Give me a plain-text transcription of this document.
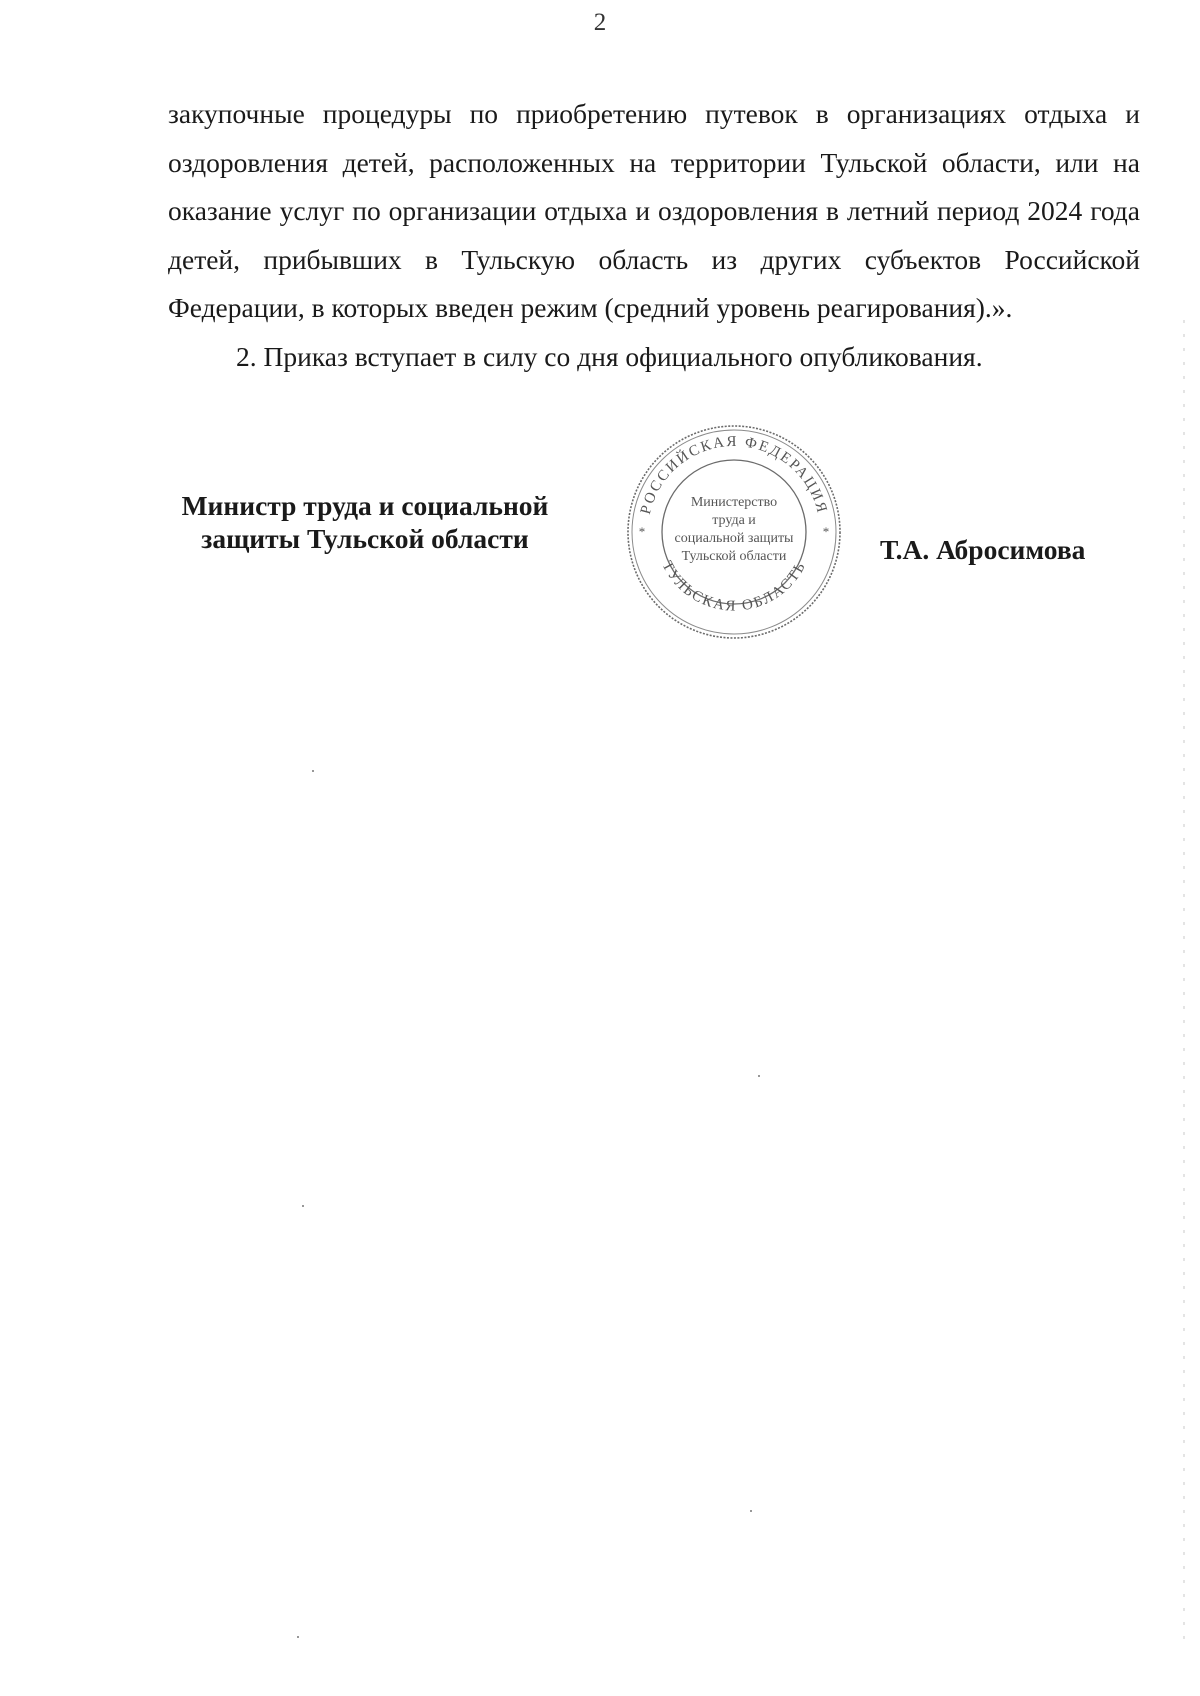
2

закупочные процедуры по приобретению путевок в организациях отдыха и оздоровления детей, расположенных на территории Тульской области, или на оказание услуг по организации отдыха и оздоровления в летний период 2024 года детей, прибывших в Тульскую область из других субъектов Российской Федерации, в которых введен режим (средний уровень реагирования).».

2. Приказ вступает в силу со дня официального опубликования.

Министр труда и социальной
защиты Тульской области
РОССИЙСКАЯ ФЕДЕРАЦИЯ
ТУЛЬСКАЯ ОБЛАСТЬ
*	*
Министерство
труда и
социальной защиты
Тульской области	Т.А. Абросимова
